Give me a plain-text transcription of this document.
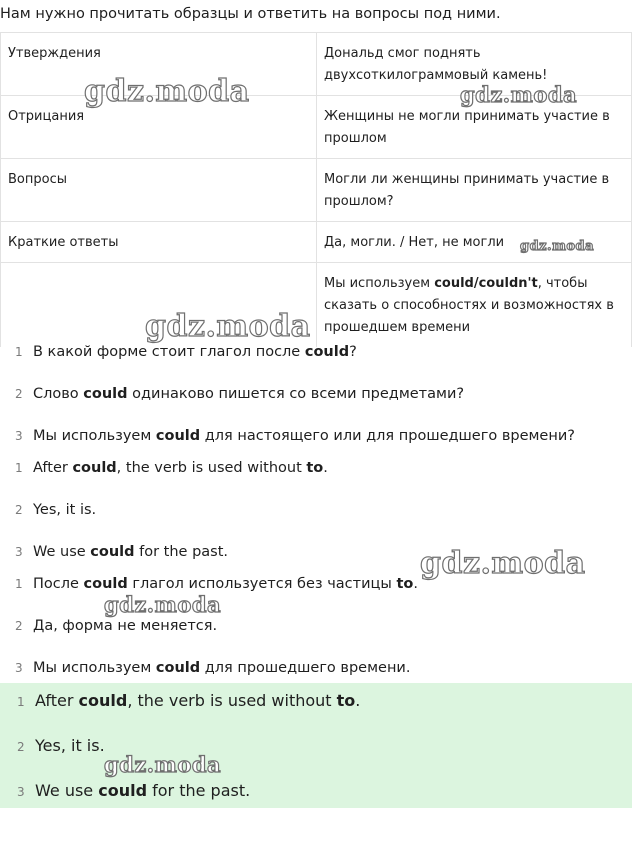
Нам нужно прочитать образцы и ответить на вопросы под ними.
Утверждения	Дональд смог поднять двухсоткилограммовый камень!
Отрицания	Женщины не могли принимать участие в прошлом
Вопросы	Могли ли женщины принимать участие в прошлом?
Краткие ответы	Да, могли. / Нет, не могли
	Мы используем could/couldn't, чтобы сказать о способностях и возможностях в прошедшем времени
1 В какой форме стоит глагол после could?
2 Слово could одинаково пишется со всеми предметами?
3 Мы используем could для настоящего или для прошедшего времени?
1 After could, the verb is used without to.
2 Yes, it is.
3 We use could for the past.
1 После could глагол используется без частицы to.
2 Да, форма не меняется.
3 Мы используем could для прошедшего времени.
1 After could, the verb is used without to.
2 Yes, it is.
3 We use could for the past.
gdz.moda	gdz.moda
gdz.moda
gdz.moda
gdz.moda
gdz.moda
gdz.moda
